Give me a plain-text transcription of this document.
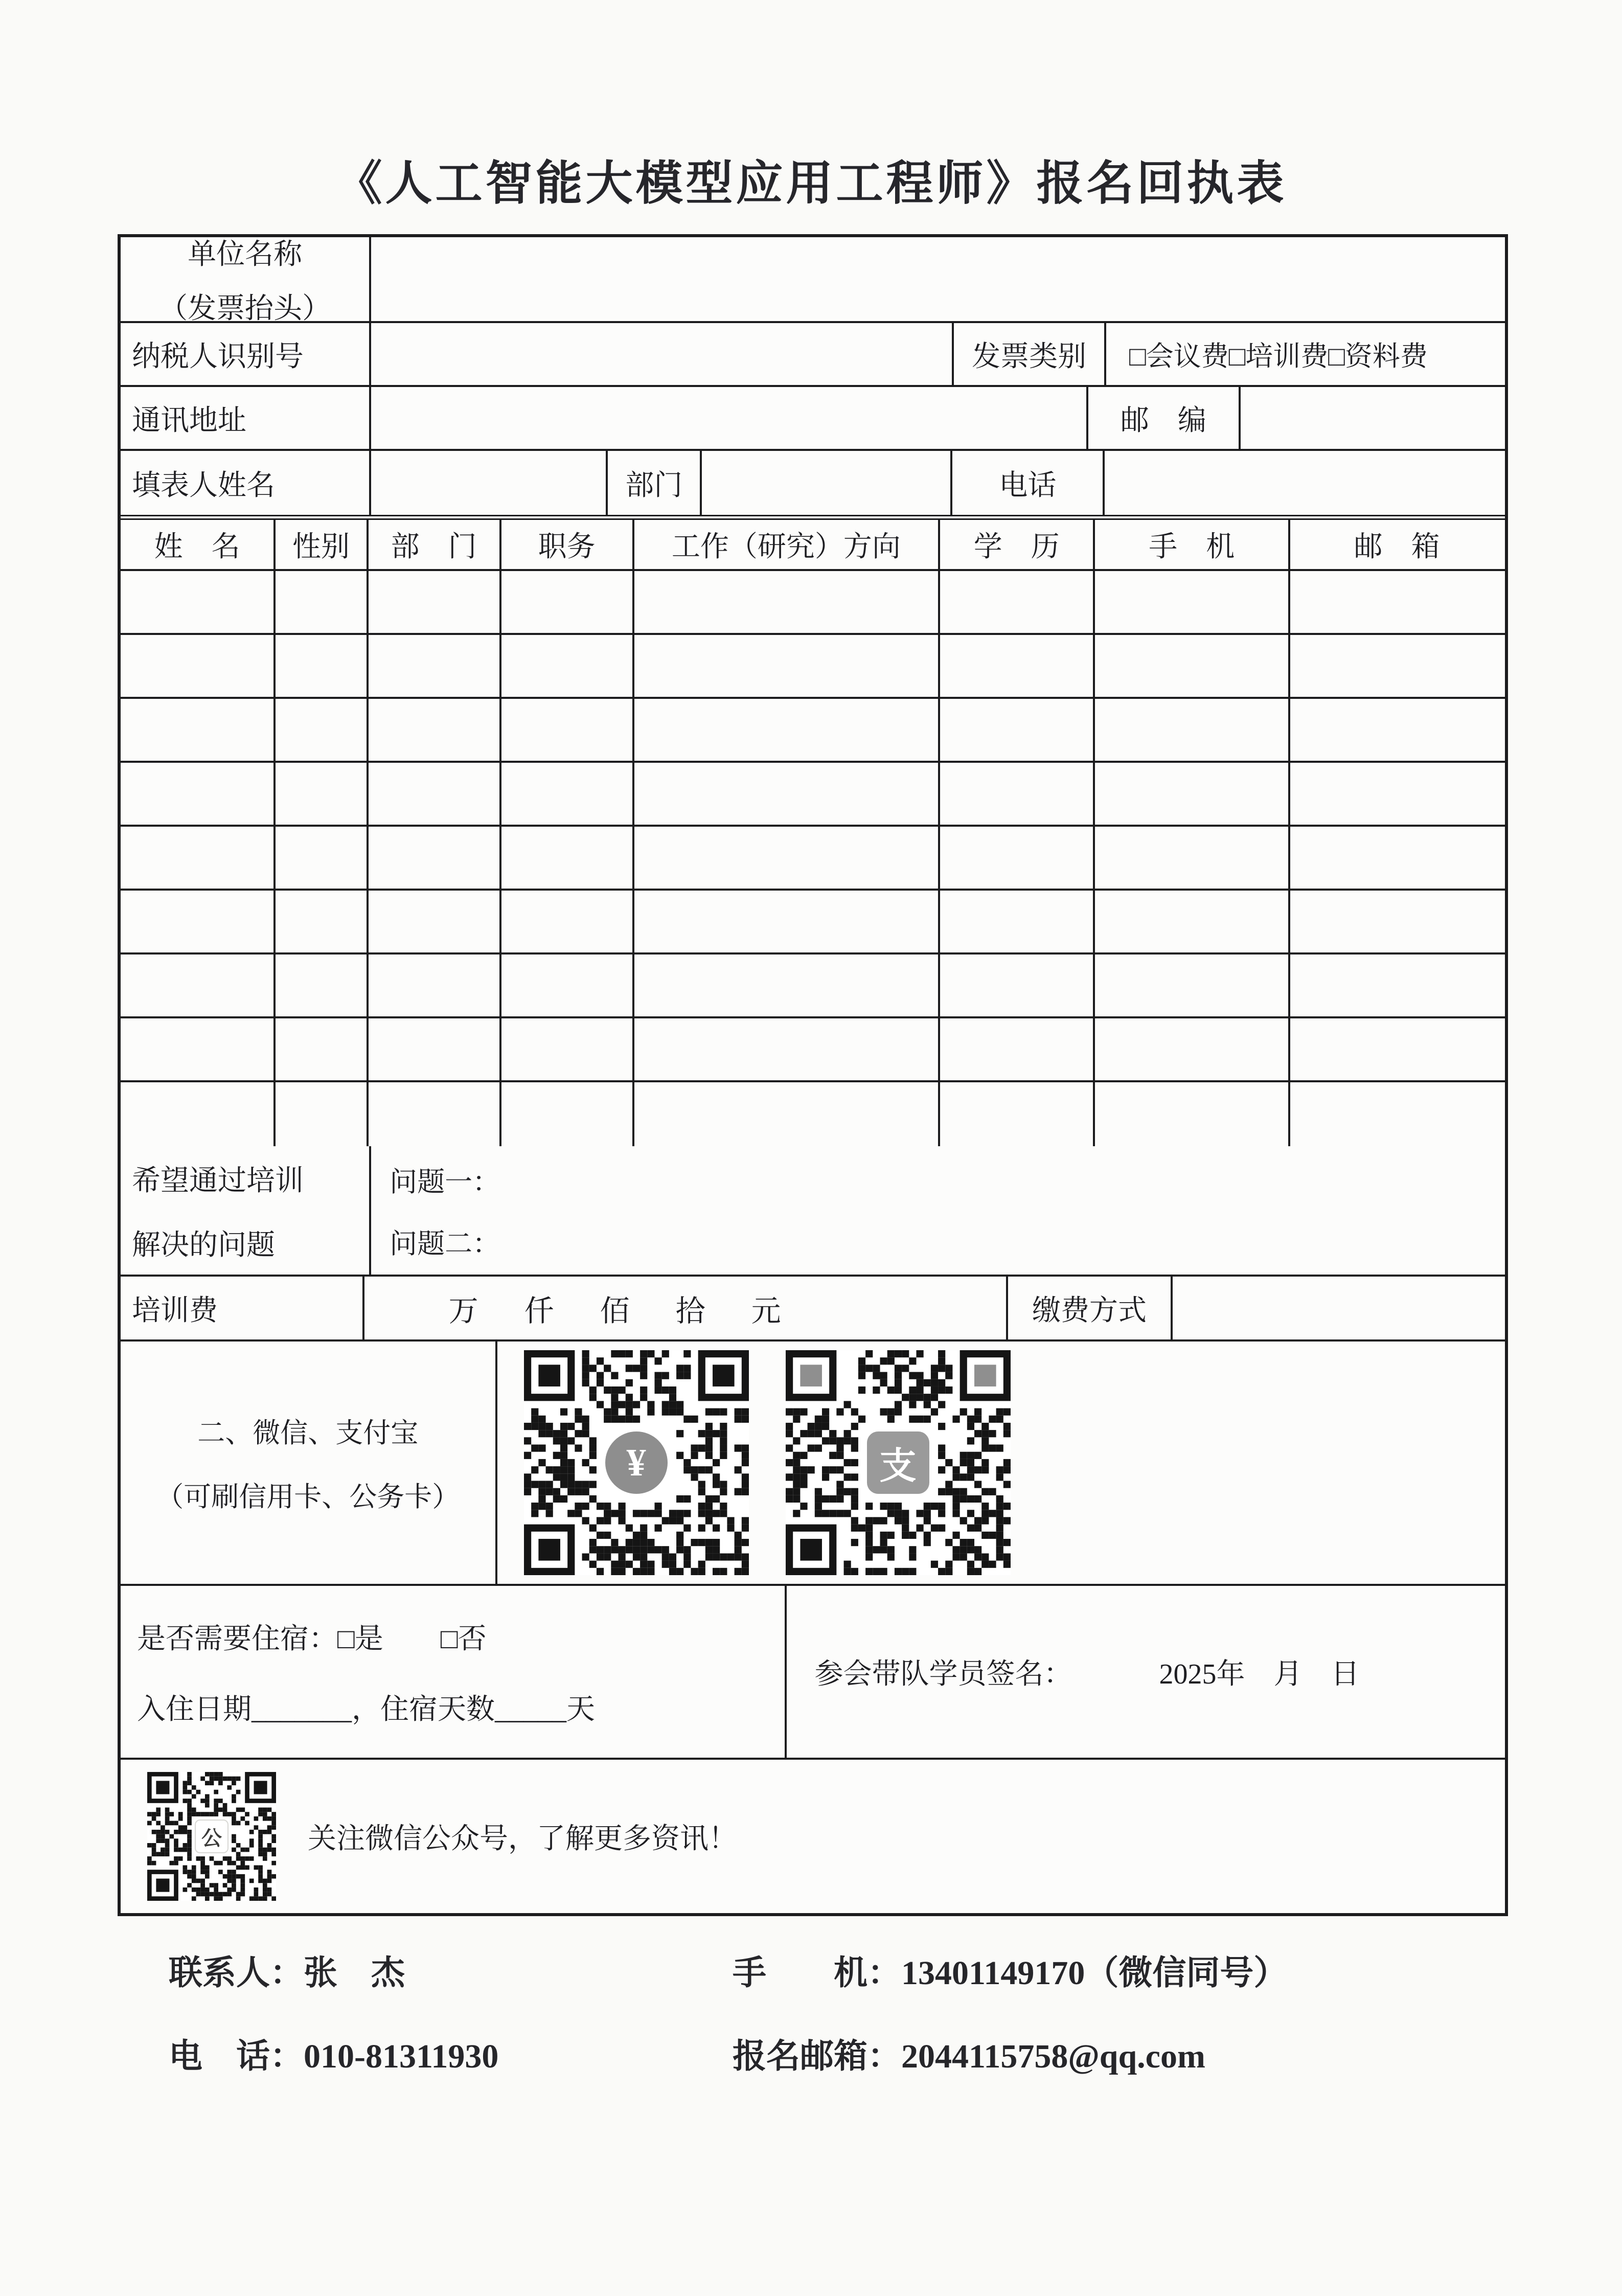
《人工智能大模型应用工程师》报名回执表
单位名称
（发票抬头）
纳税人识别号	发票类别	□会议费□培训费□资料费
通讯地址	邮　编
填表人姓名	部门	电话
姓　名	性别	部　门	职务	工作（研究）方向	学　历	手　机	邮　箱
希望通过培训
解决的问题
问题一：
问题二：
培训费	万　仟　佰　拾　元	缴费方式
二、微信、支付宝
（可刷信用卡、公务卡）
¥	支
是否需要住宿：□是　　□否
入住日期_______，住宿天数_____天
参会带队学员签名：	2025年　月　日
公	关注微信公众号，了解更多资讯！
联系人：张　杰	手　　机：13401149170（微信同号）
电　话：010-81311930	报名邮箱：2044115758@qq.com
